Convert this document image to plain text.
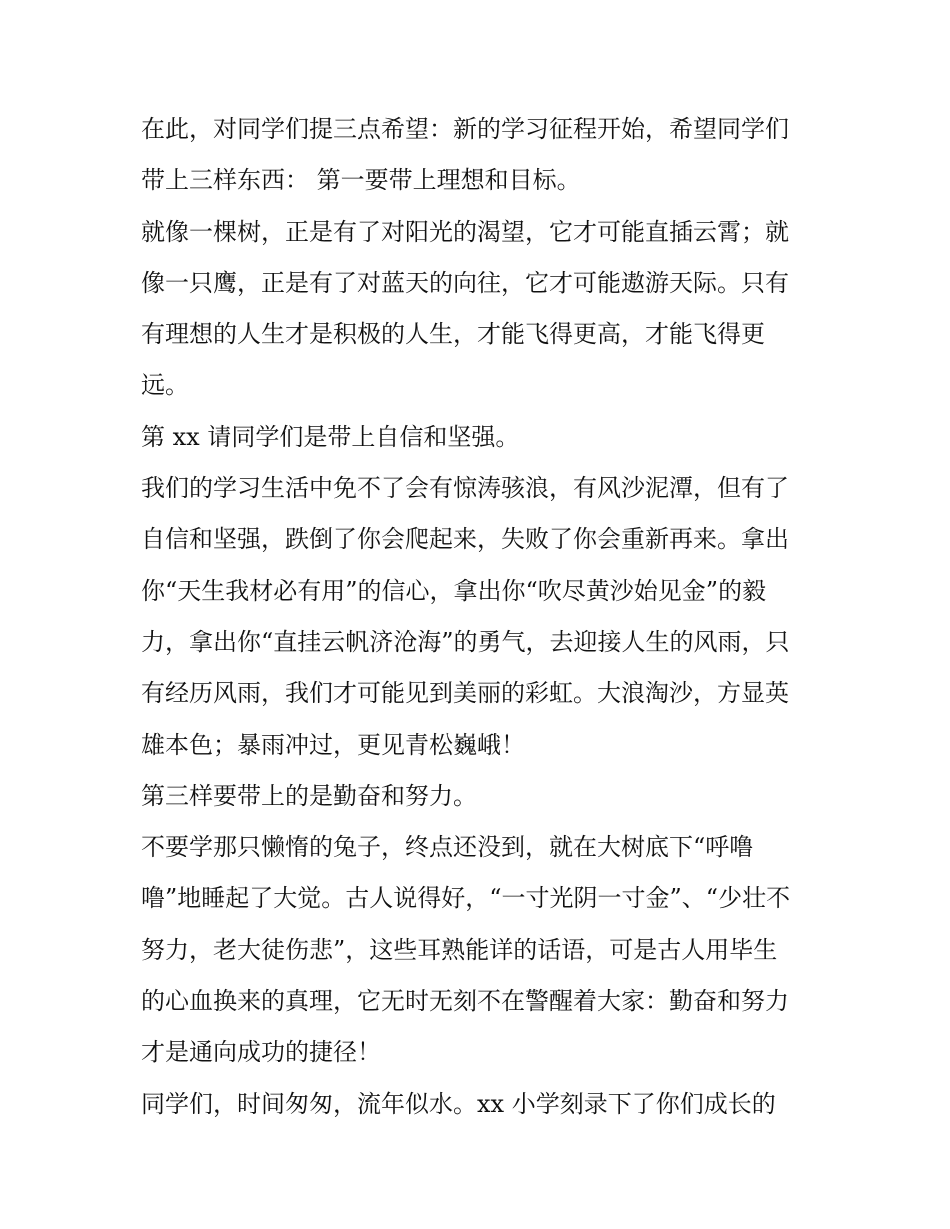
在此，对同学们提三点希望：新的学习征程开始，希望同学们
带上三样东西： 第一要带上理想和目标。
就像一棵树，正是有了对阳光的渴望，它才可能直插云霄；就
像一只鹰，正是有了对蓝天的向往，它才可能遨游天际。只有
有理想的人生才是积极的人生，才能飞得更高，才能飞得更
远。
第 xx 请同学们是带上自信和坚强。
我们的学习生活中免不了会有惊涛骇浪，有风沙泥潭，但有了
自信和坚强，跌倒了你会爬起来，失败了你会重新再来。拿出
你“天生我材必有用”的信心，拿出你“吹尽黄沙始见金”的毅
力，拿出你“直挂云帆济沧海”的勇气，去迎接人生的风雨，只
有经历风雨，我们才可能见到美丽的彩虹。大浪淘沙，方显英
雄本色；暴雨冲过，更见青松巍峨！
第三样要带上的是勤奋和努力。
不要学那只懒惰的兔子，终点还没到，就在大树底下“呼噜
噜”地睡起了大觉。古人说得好，“一寸光阴一寸金”、“少壮不
努力，老大徒伤悲”，这些耳熟能详的话语，可是古人用毕生
的心血换来的真理，它无时无刻不在警醒着大家：勤奋和努力
才是通向成功的捷径！
同学们，时间匆匆，流年似水。xx 小学刻录下了你们成长的
